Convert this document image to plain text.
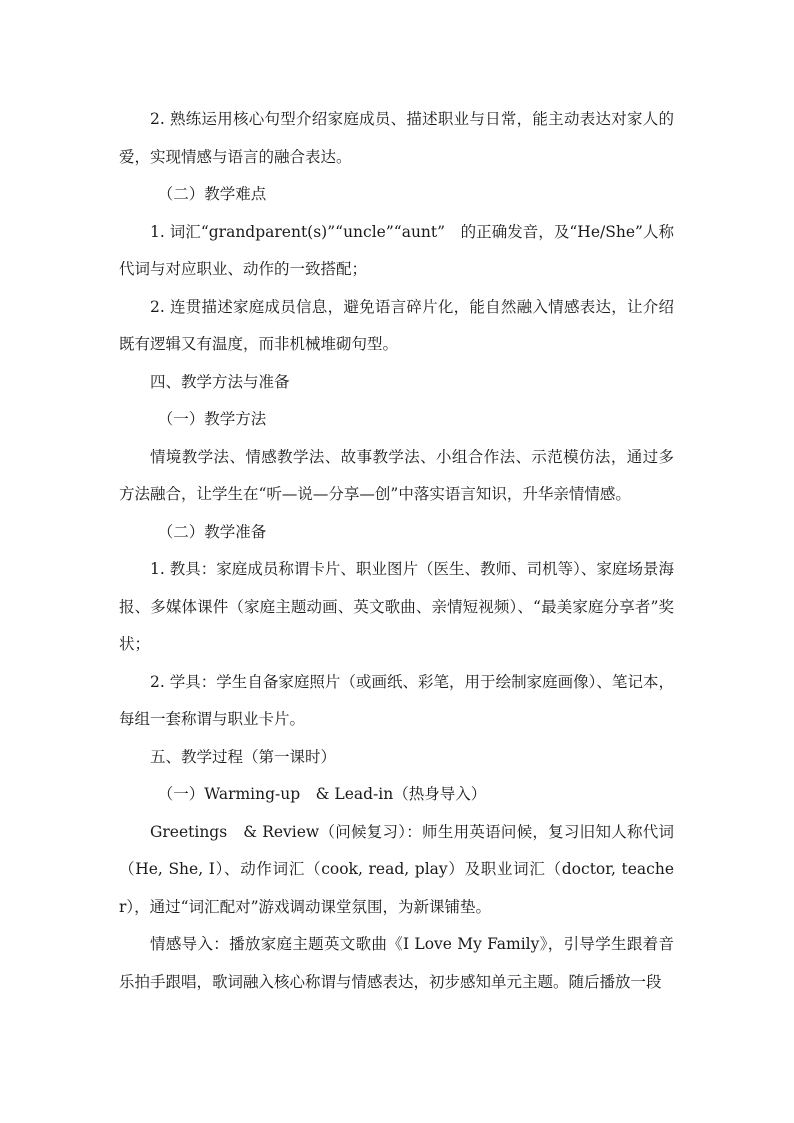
2. 熟练运用核心句型介绍家庭成员、描述职业与日常，能主动表达对家人的爱，实现情感与语言的融合表达。

（二）教学难点

1. 词汇“grandparent(s)”“uncle”“aunt”　的正确发音，及“He/She”人称代词与对应职业、动作的一致搭配；

2. 连贯描述家庭成员信息，避免语言碎片化，能自然融入情感表达，让介绍既有逻辑又有温度，而非机械堆砌句型。

四、教学方法与准备

（一）教学方法

情境教学法、情感教学法、故事教学法、小组合作法、示范模仿法，通过多方法融合，让学生在“听—说—分享—创”中落实语言知识，升华亲情情感。

（二）教学准备

1. 教具：家庭成员称谓卡片、职业图片（医生、教师、司机等）、家庭场景海报、多媒体课件（家庭主题动画、英文歌曲、亲情短视频）、“最美家庭分享者”奖状；

2. 学具：学生自备家庭照片（或画纸、彩笔，用于绘制家庭画像）、笔记本，每组一套称谓与职业卡片。

五、教学过程（第一课时）

（一）Warming-up　& Lead-in（热身导入）

Greetings　& Review（问候复习）：师生用英语问候，复习旧知人称代词（He, She, I）、动作词汇（cook, read, play）及职业词汇（doctor, teacher），通过“词汇配对”游戏调动课堂氛围，为新课铺垫。

情感导入：播放家庭主题英文歌曲《I Love My Family》，引导学生跟着音乐拍手跟唱，歌词融入核心称谓与情感表达，初步感知单元主题。随后播放一段
